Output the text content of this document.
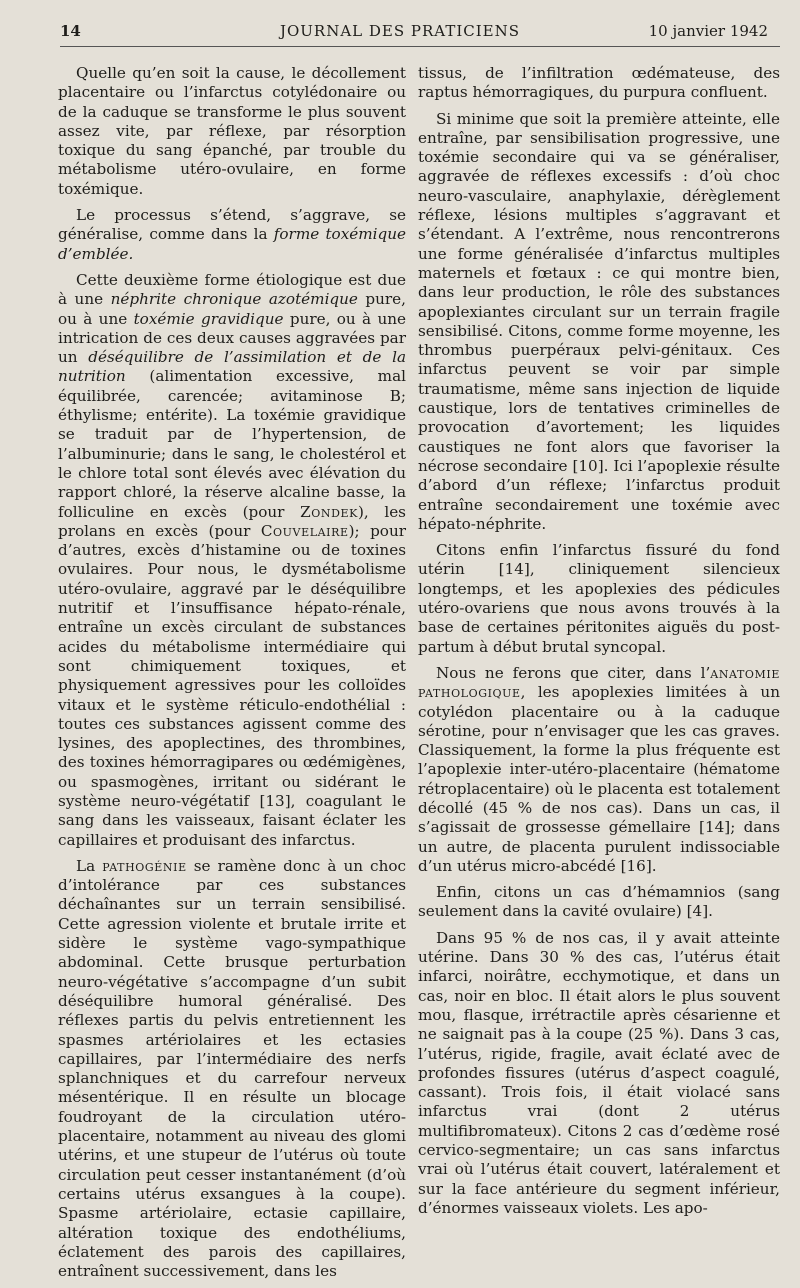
JOURNAL DES PRATICIENS
14	10 janvier 1942

Quelle qu’en soit la cause, le décollement placentaire ou l’infarctus cotylédonaire ou de la caduque se transforme le plus souvent assez vite, par réflexe, par résorption toxique du sang épanché, par trouble du métabolisme utéro-ovulaire, en forme toxémique.

Le processus s’étend, s’aggrave, se généralise, comme dans la forme toxémique d’emblée.

Cette deuxième forme étiologique est due à une néphrite chronique azotémique pure, ou à une toxémie gravidique pure, ou à une intrication de ces deux causes aggravées par un déséquilibre de l’assimilation et de la nutrition (alimentation excessive, mal équilibrée, carencée; avitaminose B; éthylisme; entérite). La toxémie gravidique se traduit par de l’hypertension, de l’albuminurie; dans le sang, le cholestérol et le chlore total sont élevés avec élévation du rapport chloré, la réserve alcaline basse, la folliculine en excès (pour Zondek), les prolans en excès (pour Couvelaire); pour d’autres, excès d’histamine ou de toxines ovulaires. Pour nous, le dysmétabolisme utéro-ovulaire, aggravé par le déséquilibre nutritif et l’insuffisance hépato-rénale, entraîne un excès circulant de substances acides du métabolisme intermédiaire qui sont chimiquement toxiques, et physiquement agressives pour les colloïdes vitaux et le système réticulo-endothélial : toutes ces substances agissent comme des lysines, des apoplectines, des thrombines, des toxines hémorragipares ou œdémigènes, ou spasmogènes, irritant ou sidérant le système neuro-végétatif [13], coagulant le sang dans les vaisseaux, faisant éclater les capillaires et produisant des infarctus.

La pathogénie se ramène donc à un choc d’intolérance par ces substances déchaînantes sur un terrain sensibilisé. Cette agression violente et brutale irrite et sidère le système vago-sympathique abdominal. Cette brusque perturbation neuro-végétative s’accompagne d’un subit déséquilibre humoral généralisé. Des réflexes partis du pelvis entretiennent les spasmes artériolaires et les ectasies capillaires, par l’intermédiaire des nerfs splanchniques et du carrefour nerveux mésentérique. Il en résulte un blocage foudroyant de la circulation utéro-placentaire, notamment au niveau des glomi utérins, et une stupeur de l’utérus où toute circulation peut cesser instantanément (d’où certains utérus exsangues à la coupe). Spasme artériolaire, ectasie capillaire, altération toxique des endothéliums, éclatement des parois des capillaires, entraînent successivement, dans les

tissus, de l’infiltration œdémateuse, des raptus hémorragiques, du purpura confluent.

Si minime que soit la première atteinte, elle entraîne, par sensibilisation progressive, une toxémie secondaire qui va se généraliser, aggravée de réflexes excessifs : d’où choc neuro-vasculaire, anaphylaxie, dérèglement réflexe, lésions multiples s’aggravant et s’étendant. A l’extrême, nous rencontrerons une forme généralisée d’infarctus multiples maternels et fœtaux : ce qui montre bien, dans leur production, le rôle des substances apoplexiantes circulant sur un terrain fragile sensibilisé. Citons, comme forme moyenne, les thrombus puerpéraux pelvi-génitaux. Ces infarctus peuvent se voir par simple traumatisme, même sans injection de liquide caustique, lors de tentatives criminelles de provocation d’avortement; les liquides caustiques ne font alors que favoriser la nécrose secondaire [10]. Ici l’apoplexie résulte d’abord d’un réflexe; l’infarctus produit entraîne secondairement une toxémie avec hépato-néphrite.

Citons enfin l’infarctus fissuré du fond utérin [14], cliniquement silencieux longtemps, et les apoplexies des pédicules utéro-ovariens que nous avons trouvés à la base de certaines péritonites aiguës du post-partum à début brutal syncopal.

Nous ne ferons que citer, dans l’anatomie pathologique, les apoplexies limitées à un cotylédon placentaire ou à la caduque sérotine, pour n’envisager que les cas graves. Classiquement, la forme la plus fréquente est l’apoplexie inter-utéro-placentaire (hématome rétroplacentaire) où le placenta est totalement décollé (45 % de nos cas). Dans un cas, il s’agissait de grossesse gémellaire [14]; dans un autre, de placenta purulent indissociable d’un utérus micro-abcédé [16].

Enfin, citons un cas d’hémamnios (sang seulement dans la cavité ovulaire) [4].

Dans 95 % de nos cas, il y avait atteinte utérine. Dans 30 % des cas, l’utérus était infarci, noirâtre, ecchymotique, et dans un cas, noir en bloc. Il était alors le plus souvent mou, flasque, irrétractile après césarienne et ne saignait pas à la coupe (25 %). Dans 3 cas, l’utérus, rigide, fragile, avait éclaté avec de profondes fissures (utérus d’aspect coagulé, cassant). Trois fois, il était violacé sans infarctus vrai (dont 2 utérus multifibromateux). Citons 2 cas d’œdème rosé cervico-segmentaire; un cas sans infarctus vrai où l’utérus était couvert, latéralement et sur la face antérieure du segment inférieur, d’énormes vaisseaux violets. Les apo-
